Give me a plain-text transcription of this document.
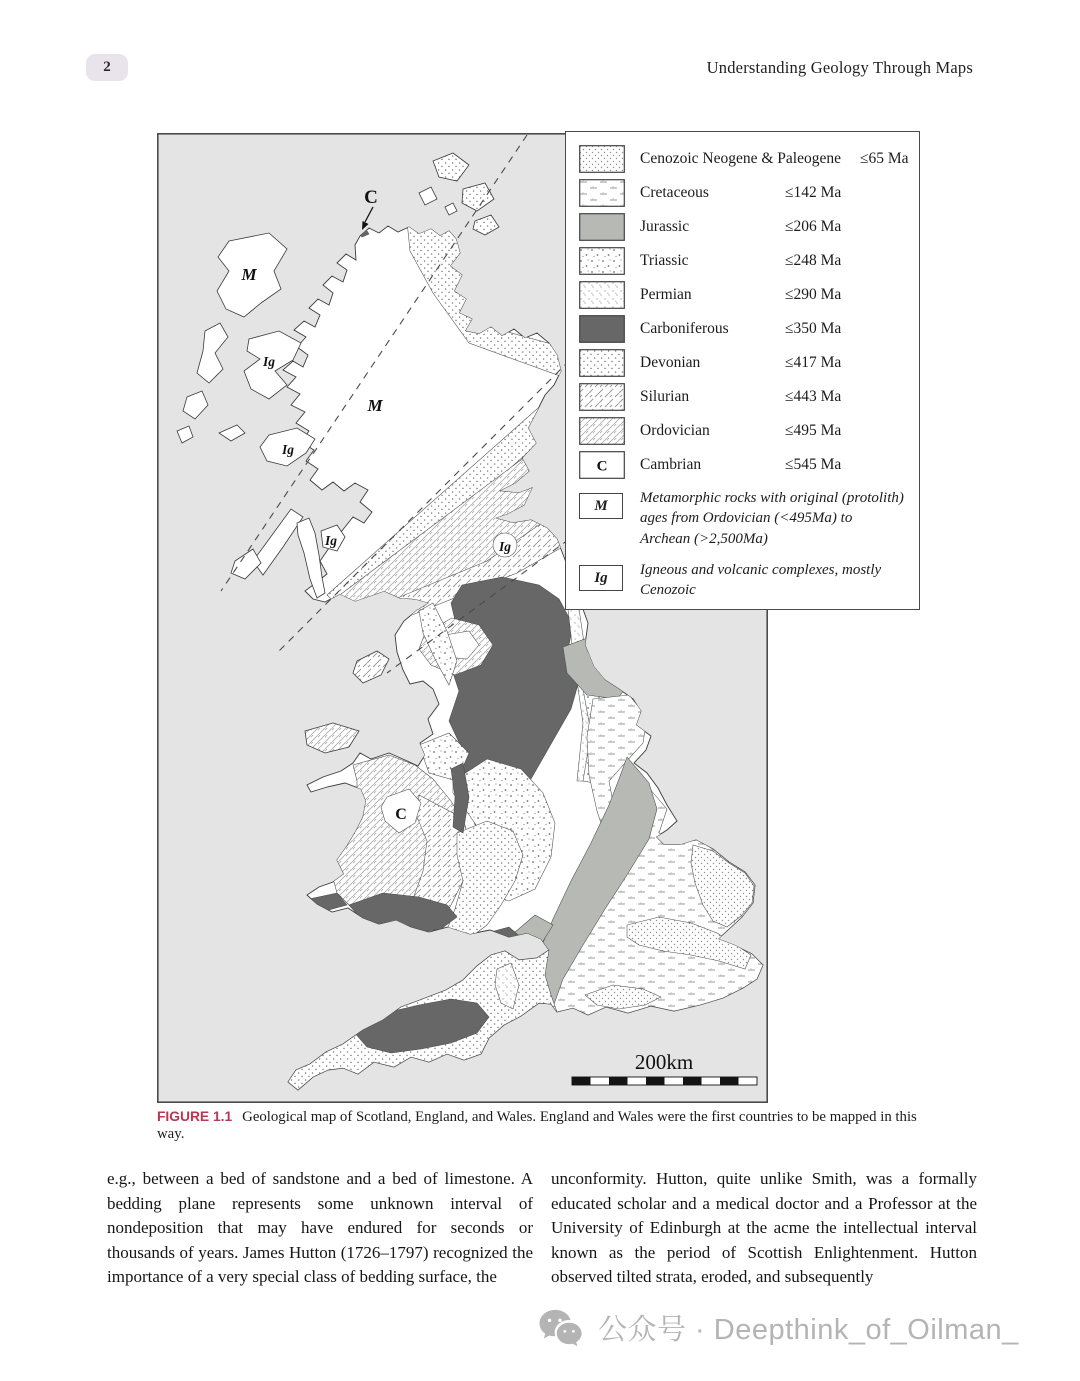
2	Understanding Geology Through Maps
M
M
Ig
Ig
Ig	Ig
C
C
200km
Cenozoic Neogene & Paleogene ≤65 Ma
Cretaceous	≤142 Ma
Jurassic	≤206 Ma
Triassic	≤248 Ma
Permian	≤290 Ma
Carboniferous	≤350 Ma
Devonian	≤417 Ma
Silurian	≤443 Ma
Ordovician	≤495 Ma
C Cambrian	≤545 Ma
M Metamorphic rocks with original (protolith) ages from Ordovician (<495Ma) to Archean (>2,500Ma)
Ig Igneous and volcanic complexes, mostly Cenozoic
FIGURE 1.1 Geological map of Scotland, England, and Wales. England and Wales were the first countries to be mapped in this way.
e.g., between a bed of sandstone and a bed of limestone. A bedding plane represents some unknown interval of nondeposition that may have endured for seconds or thousands of years. James Hutton (1726–1797) recognized the importance of a very special class of bedding surface, the
unconformity. Hutton, quite unlike Smith, was a formally educated scholar and a medical doctor and a Professor at the University of Edinburgh at the acme the intellectual interval known as the period of Scottish Enlightenment. Hutton observed tilted strata, eroded, and subsequently
公众号 · Deepthink_of_Oilman_
